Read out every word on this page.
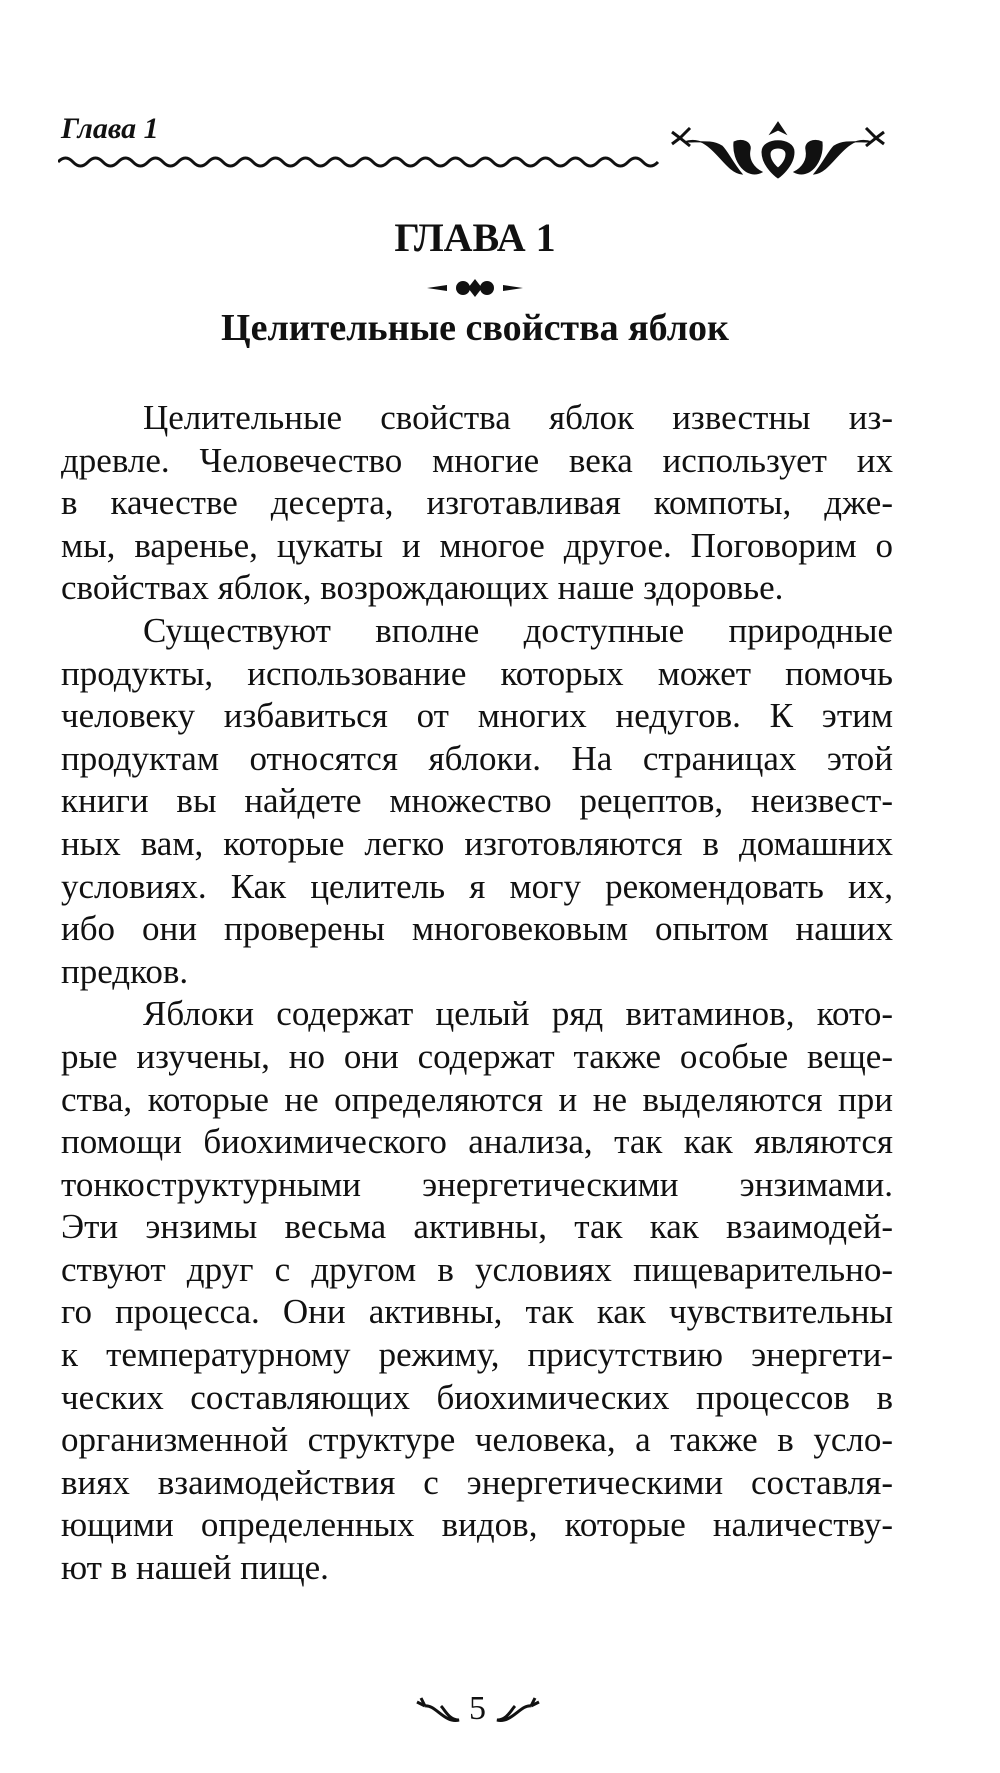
Глава 1
ГЛАВА 1
Целительные свойства яблок
Целительные свойства яблок известны из-
древле. Человечество многие века использует их
в качестве десерта, изготавливая компоты, дже-
мы, варенье, цукаты и многое другое. Поговорим о
свойствах яблок, возрождающих наше здоровье.
Существуют вполне доступные природные
продукты, использование которых может помочь
человеку избавиться от многих недугов. К этим
продуктам относятся яблоки. На страницах этой
книги вы найдете множество рецептов, неизвест-
ных вам, которые легко изготовляются в домашних
условиях. Как целитель я могу рекомендовать их,
ибо они проверены многовековым опытом наших
предков.
Яблоки содержат целый ряд витаминов, кото-
рые изучены, но они содержат также особые веще-
ства, которые не определяются и не выделяются при
помощи биохимического анализа, так как являются
тонкоструктурными энергетическими энзимами.
Эти энзимы весьма активны, так как взаимодей-
ствуют друг с другом в условиях пищеварительно-
го процесса. Они активны, так как чувствительны
к температурному режиму, присутствию энергети-
ческих составляющих биохимических процессов в
организменной структуре человека, а также в усло-
виях взаимодействия с энергетическими составля-
ющими определенных видов, которые наличеству-
ют в нашей пище.
5
